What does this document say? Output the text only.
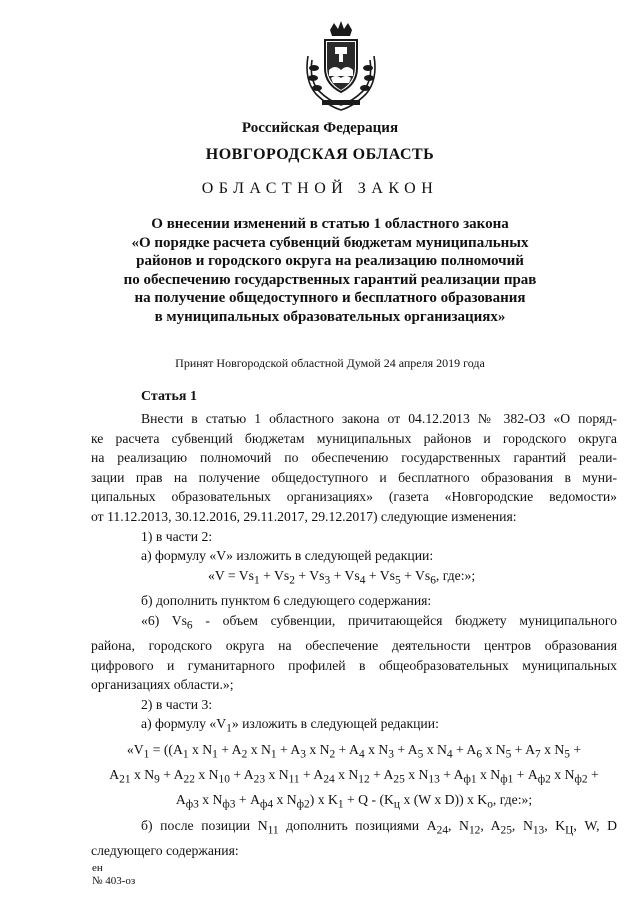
Российская Федерация
НОВГОРОДСКАЯ ОБЛАСТЬ
ОБЛАСТНОЙ ЗАКОН
О внесении изменений в статью 1 областного закона
«О порядке расчета субвенций бюджетам муниципальных
районов и городского округа на реализацию полномочий
по обеспечению государственных гарантий реализации прав
на получение общедоступного и бесплатного образования
в муниципальных образовательных организациях»
Принят Новгородской областной Думой 24 апреля 2019 года
Статья 1
Внести в статью 1 областного закона от 04.12.2013 № 382-ОЗ «О поряд-
ке расчета субвенций бюджетам муниципальных районов и городского округа
на реализацию полномочий по обеспечению государственных гарантий реали-
зации прав на получение общедоступного и бесплатного образования в муни-
ципальных образовательных организациях» (газета «Новгородские ведомости»
от 11.12.2013, 30.12.2016, 29.11.2017, 29.12.2017) следующие изменения:
1) в части 2:
а) формулу «V» изложить в следующей редакции:
«$V = Vs_1 + Vs_2 + Vs_3 + Vs_4 + Vs_5 + Vs_6$, где:»;
б) дополнить пунктом 6 следующего содержания:
«6) $Vs_6$ - объем субвенции, причитающейся бюджету муниципального
района, городского округа на обеспечение деятельности центров образования
цифрового и гуманитарного профилей в общеобразовательных муниципальных
организациях области.»;
2) в части 3:
а) формулу «$V_1$» изложить в следующей редакции:
«$V_1 = ((A_1$ x $N_1 + A_2$ x $N_1 + A_3$ x $N_2 + A_4$ x $N_3 + A_5$ x $N_4 + A_6$ x $N_5 + A_7$ x $N_5$ +
$A_{21}$ x $N_9 + A_{22}$ x $N_{10} + A_{23}$ x $N_{11} + A_{24}$ x $N_{12} + A_{25}$ x $N_{13} + A_{ф1}$ x $N_{ф1} + A_{ф2}$ x $N_{ф2}$ +
$A_{ф3}$ x $N_{ф3} + A_{ф4}$ x $N_{ф2}$) x $K_1 + Q - (K_ц$ x (W x D)) x $K_о$, где:»;
б) после позиции $N_{11}$ дополнить позициями $A_{24}$, $N_{12}$, $A_{25}$, $N_{13}$, $K_Ц$, W, D
следующего содержания:
ен
№ 403-оз
